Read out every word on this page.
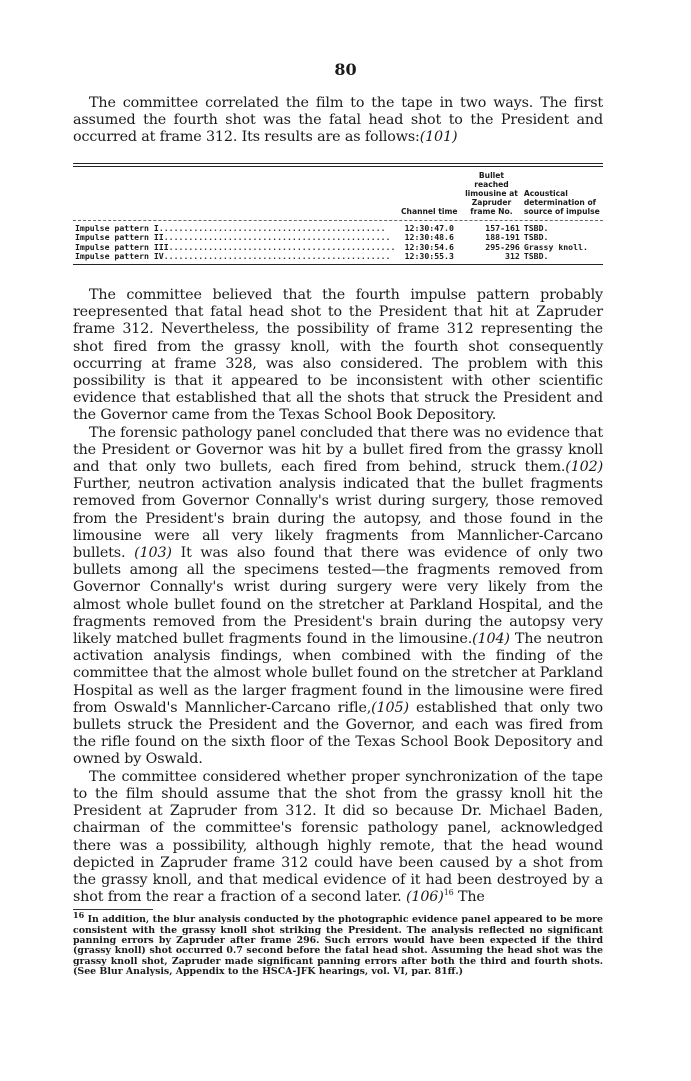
80

The committee correlated the film to the tape in two ways. The first assumed the fourth shot was the fatal head shot to the President and occurred at frame 312. Its results are as follows:(101)

	Channel time	Bullet reached limousine at Zapruder frame No.	Acoustical determination of source of impulse

Impulse pattern I..............................................	12:30:47.0	157-161	TSBD.
Impulse pattern II..............................................	12:30:48.6	188-191	TSBD.
Impulse pattern III..............................................	12:30:54.6	295-296	Grassy knoll.
Impulse pattern IV..............................................	12:30:55.3	312	TSBD.

The committee believed that the fourth impulse pattern probably reepresented that fatal head shot to the President that hit at Zapruder frame 312. Nevertheless, the possibility of frame 312 representing the shot fired from the grassy knoll, with the fourth shot consequently occurring at frame 328, was also considered. The problem with this possibility is that it appeared to be inconsistent with other scientific evidence that established that all the shots that struck the President and the Governor came from the Texas School Book Depository.

The forensic pathology panel concluded that there was no evidence that the President or Governor was hit by a bullet fired from the grassy knoll and that only two bullets, each fired from behind, struck them.(102) Further, neutron activation analysis indicated that the bullet fragments removed from Governor Connally's wrist during surgery, those removed from the President's brain during the autopsy, and those found in the limousine were all very likely fragments from Mannlicher-Carcano bullets. (103) It was also found that there was evidence of only two bullets among all the specimens tested—the fragments removed from Governor Connally's wrist during surgery were very likely from the almost whole bullet found on the stretcher at Parkland Hospital, and the fragments removed from the President's brain during the autopsy very likely matched bullet fragments found in the limousine.(104) The neutron activation analysis findings, when combined with the finding of the committee that the almost whole bullet found on the stretcher at Parkland Hospital as well as the larger fragment found in the limousine were fired from Oswald's Mannlicher-Carcano rifle,(105) established that only two bullets struck the President and the Governor, and each was fired from the rifle found on the sixth floor of the Texas School Book Depository and owned by Oswald.

The committee considered whether proper synchronization of the tape to the film should assume that the shot from the grassy knoll hit the President at Zapruder from 312. It did so because Dr. Michael Baden, chairman of the committee's forensic pathology panel, acknowledged there was a possibility, although highly remote, that the head wound depicted in Zapruder frame 312 could have been caused by a shot from the grassy knoll, and that medical evidence of it had been destroyed by a shot from the rear a fraction of a second later. $(106)^{16}$ The

$^{16}$ In addition, the blur analysis conducted by the photographic evidence panel appeared to be more consistent with the grassy knoll shot striking the President. The analysis reflected no significant panning errors by Zapruder after frame 296. Such errors would have been expected if the third (grassy knoll) shot occurred 0.7 second before the fatal head shot. Assuming the head shot was the grassy knoll shot, Zapruder made significant panning errors after both the third and fourth shots. (See Blur Analysis, Appendix to the HSCA-JFK hearings, vol. VI, par. 81ff.)
